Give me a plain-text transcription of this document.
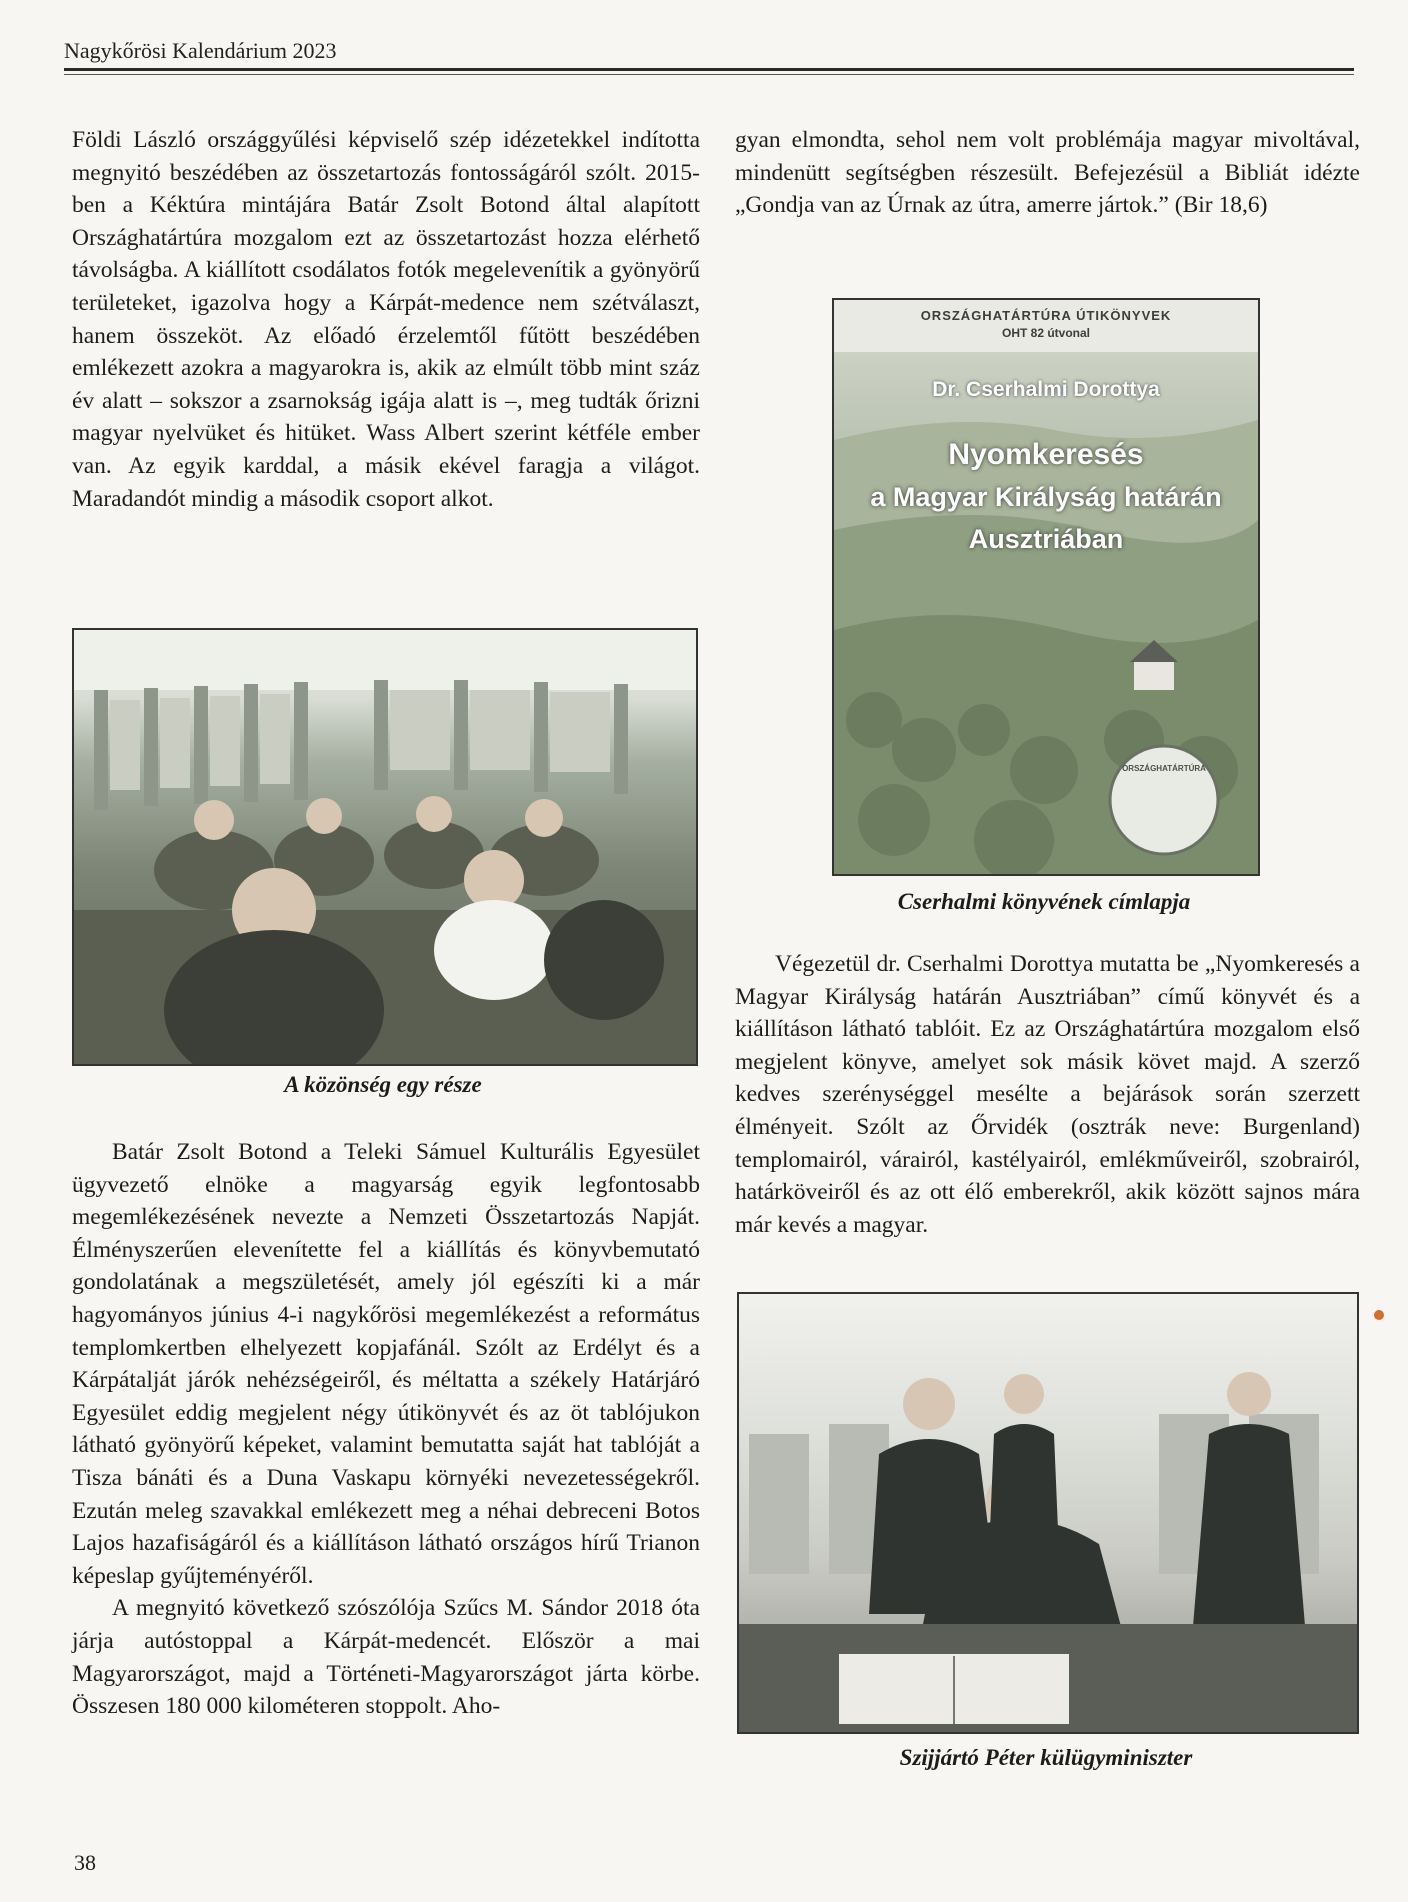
Nagykőrösi Kalendárium 2023

Földi László országgyűlési képviselő szép idézetekkel indította megnyitó beszédében az összetartozás fontosságáról szólt. 2015-ben a Kéktúra mintájára Batár Zsolt Botond által alapított Országhatártúra mozgalom ezt az összetartozást hozza elérhető távolságba. A kiállított csodálatos fotók megelevenítik a gyönyörű területeket, igazolva hogy a Kárpát-medence nem szétválaszt, hanem összeköt. Az előadó érzelemtől fűtött beszédében emlékezett azokra a magyarokra is, akik az elmúlt több mint száz év alatt – sokszor a zsarnokság igája alatt is –, meg tudták őrizni magyar nyelvüket és hitüket. Wass Albert szerint kétféle ember van. Az egyik karddal, a másik ekével faragja a világot. Maradandót mindig a második csoport alkot.

A közönség egy része

Batár Zsolt Botond a Teleki Sámuel Kulturális Egyesület ügyvezető elnöke a magyarság egyik legfontosabb megemlékezésének nevezte a Nemzeti Összetartozás Napját. Élményszerűen elevenítette fel a kiállítás és könyvbemutató gondolatának a megszületését, amely jól egészíti ki a már hagyományos június 4-i nagykőrösi megemlékezést a református templomkertben elhelyezett kopjafánál. Szólt az Erdélyt és a Kárpátalját járók nehézségeiről, és méltatta a székely Határjáró Egyesület eddig megjelent négy útikönyvét és az öt tablójukon látható gyönyörű képeket, valamint bemutatta saját hat tablóját a Tisza bánáti és a Duna Vaskapu környéki nevezetességekről. Ezután meleg szavakkal emlékezett meg a néhai debreceni Botos Lajos hazafiságáról és a kiállításon látható országos hírű Trianon képeslap gyűjteményéről.

A megnyitó következő szószólója Szűcs M. Sándor 2018 óta járja autóstoppal a Kárpát-medencét. Először a mai Magyarországot, majd a Történeti-Magyarországot járta körbe. Összesen 180 000 kilométeren stoppolt. Aho-

gyan elmondta, sehol nem volt problémája magyar mivoltával, mindenütt segítségben részesült. Befejezésül a Bibliát idézte „Gondja van az Úrnak az útra, amerre jártok.” (Bir 18,6)

ORSZÁGHATÁRTÚRA ÚTIKÖNYVEK
OHT 82 útvonal
Dr. Cserhalmi Dorottya
Nyomkeresés
a Magyar Királyság határán
Ausztriában
ORSZÁGHATÁRTÚRA
Cserhalmi könyvének címlapja

Végezetül dr. Cserhalmi Dorottya mutatta be „Nyomkeresés a Magyar Királyság határán Ausztriában” című könyvét és a kiállításon látható tablóit. Ez az Országhatártúra mozgalom első megjelent könyve, amelyet sok másik követ majd. A szerző kedves szerénységgel mesélte a bejárások során szerzett élményeit. Szólt az Őrvidék (osztrák neve: Burgenland) templomairól, várairól, kastélyairól, emlékműveiről, szobrairól, határköveiről és az ott élő emberekről, akik között sajnos mára már kevés a magyar.

Szijjártó Péter külügyminiszter
38
